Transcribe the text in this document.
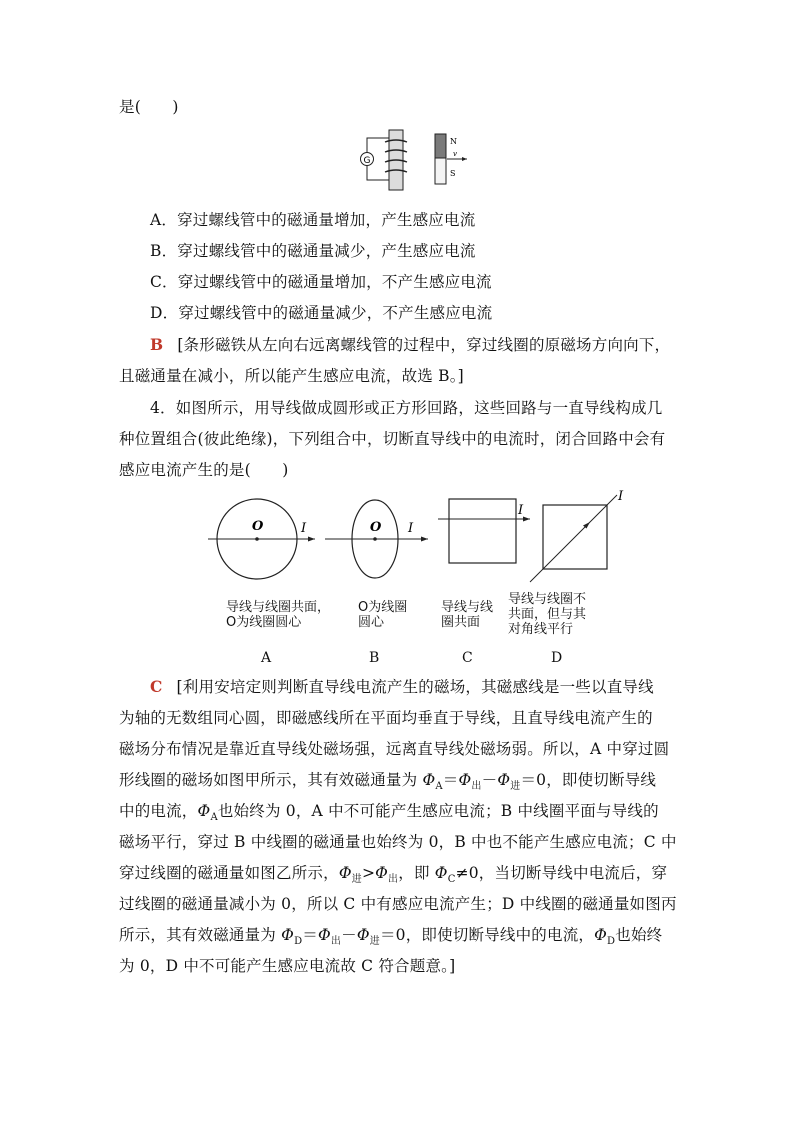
是(　　)
G
N
S
v
A．穿过螺线管中的磁通量增加，产生感应电流
B．穿过螺线管中的磁通量减少，产生感应电流
C．穿过螺线管中的磁通量增加，不产生感应电流
D．穿过螺线管中的磁通量减少，不产生感应电流
B [条形磁铁从左向右远离螺线管的过程中，穿过线圈的原磁场方向向下，
且磁通量在减小，所以能产生感应电流，故选 B。]
4．如图所示，用导线做成圆形或正方形回路，这些回路与一直导线构成几
种位置组合(彼此绝缘)，下列组合中，切断直导线中的电流时，闭合回路中会有
感应电流产生的是(　　)
O	I	O I
I
I
导线与线圈共面，
O为线圈圆心
O为线圈
圆心
导线与线
圈共面
导线与线圈不
共面，但与其
对角线平行
A	B	C	D
C [利用安培定则判断直导线电流产生的磁场，其磁感线是一些以直导线
为轴的无数组同心圆，即磁感线所在平面均垂直于导线，且直导线电流产生的
磁场分布情况是靠近直导线处磁场强，远离直导线处磁场弱。所以，A 中穿过圆
形线圈的磁场如图甲所示，其有效磁通量为 $\Phi_A=\Phi_出-\Phi_进=0$，即使切断导线
中的电流，$\Phi_A$也始终为 0，A 中不可能产生感应电流；B 中线圈平面与导线的
磁场平行，穿过 B 中线圈的磁通量也始终为 0，B 中也不能产生感应电流；C 中
穿过线圈的磁通量如图乙所示，$\Phi_进>\Phi_出$，即 $\Phi_C\ne 0$，当切断导线中电流后，穿
过线圈的磁通量减小为 0，所以 C 中有感应电流产生；D 中线圈的磁通量如图丙
所示，其有效磁通量为 $\Phi_D=\Phi_出-\Phi_进=0$，即使切断导线中的电流，$\Phi_D$也始终
为 0，D 中不可能产生感应电流故 C 符合题意。]
